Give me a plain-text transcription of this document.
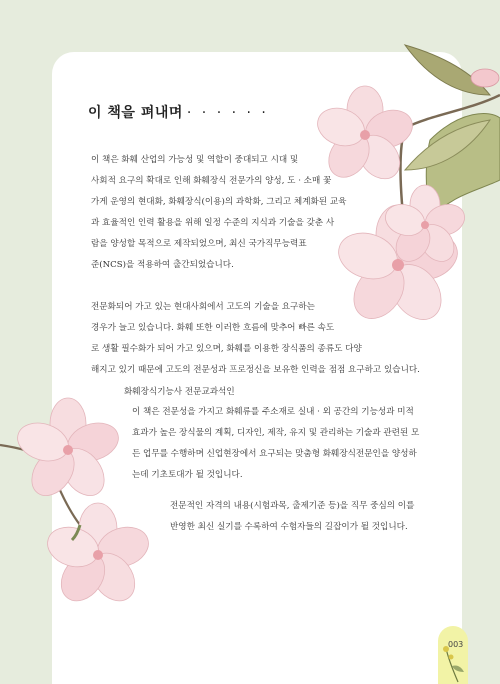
이 책을 펴내며 · · · · · ·
이 책은 화훼 산업의 가능성 및 역할이 중대되고 시대 및
사회적 요구의 확대로 인해 화훼장식 전문가의 양성, 도 · 소매 꽃
가게 운영의 현대화, 화훼장식(이용)의 과학화, 그리고 체계화된 교육
과 효율적인 인력 활용을 위해 일정 수준의 지식과 기술을 갖춘 사
람을 양성할 목적으로 제작되었으며, 최신 국가직무능력표
준(NCS)을 적용하여 출간되었습니다.
전문화되어 가고 있는 현대사회에서 고도의 기술을 요구하는
경우가 늘고 있습니다. 화훼 또한 이러한 흐름에 맞추어 빠른 속도
로 생활 필수화가 되어 가고 있으며, 화훼를 이용한 장식품의 종류도 다양
해지고 있기 때문에 고도의 전문성과 프로정신을 보유한 인력을 점점 요구하고 있습니다.
화훼장식기능사 전문교과석인
이 책은 전문성을 가지고 화훼류를 주소재로 실내 · 외 공간의 기능성과 미적
효과가 높은 장식물의 계획, 디자인, 제작, 유지 및 관리하는 기술과 관련된 모
든 업무를 수행하며 신업현장에서 요구되는 맞춤형 화훼장식전문인을 양성하
는데 기초토대가 될 것입니다.
전문적인 자격의 내용(시험과목, 출제기준 등)을 직무 중심의 이를
반영한 최신 실기를 수록하여 수험자들의 길잡이가 될 것입니다.
003
